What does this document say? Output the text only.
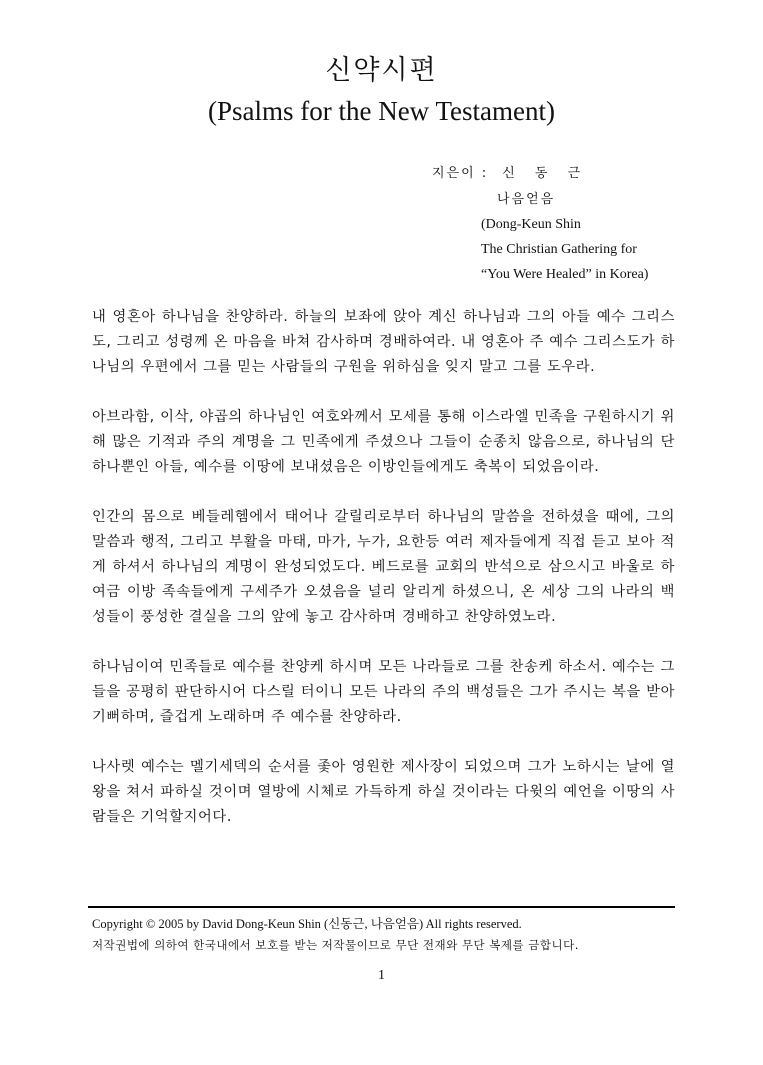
신약시편
(Psalms for the New Testament)
지은이 : 신 동 근
나음얻음
(Dong-Keun Shin
The Christian Gathering for
“You Were Healed” in Korea)

내 영혼아 하나님을 찬양하라. 하늘의 보좌에 앉아 계신 하나님과 그의 아들 예수 그리스도, 그리고 성령께 온 마음을 바쳐 감사하며 경배하여라. 내 영혼아 주 예수 그리스도가 하나님의 우편에서 그를 믿는 사람들의 구원을 위하심을 잊지 말고 그를 도우라.

아브라함, 이삭, 야곱의 하나님인 여호와께서 모세를 통해 이스라엘 민족을 구원하시기 위해 많은 기적과 주의 계명을 그 민족에게 주셨으나 그들이 순종치 않음으로, 하나님의 단 하나뿐인 아들, 예수를 이땅에 보내셨음은 이방인들에게도 축복이 되었음이라.

인간의 몸으로 베들레헴에서 태어나 갈릴리로부터 하나님의 말씀을 전하셨을 때에, 그의 말씀과 행적, 그리고 부활을 마태, 마가, 누가, 요한등 여러 제자들에게 직접 듣고 보아 적게 하셔서 하나님의 계명이 완성되었도다. 베드로를 교회의 반석으로 삼으시고 바울로 하여금 이방 족속들에게 구세주가 오셨음을 널리 알리게 하셨으니, 온 세상 그의 나라의 백성들이 풍성한 결실을 그의 앞에 놓고 감사하며 경배하고 찬양하였노라.

하나님이여 민족들로 예수를 찬양케 하시며 모든 나라들로 그를 찬송케 하소서. 예수는 그들을 공평히 판단하시어 다스릴 터이니 모든 나라의 주의 백성들은 그가 주시는 복을 받아 기뻐하며, 즐겁게 노래하며 주 예수를 찬양하라.

나사렛 예수는 멜기세덱의 순서를 좇아 영원한 제사장이 되었으며 그가 노하시는 날에 열왕을 쳐서 파하실 것이며 열방에 시체로 가득하게 하실 것이라는 다윗의 예언을 이땅의 사람들은 기억할지어다.

Copyright © 2005 by David Dong-Keun Shin (신동근, 나음얻음) All rights reserved.
저작권법에 의하여 한국내에서 보호를 받는 저작물이므로 무단 전재와 무단 복제를 금합니다.
1
